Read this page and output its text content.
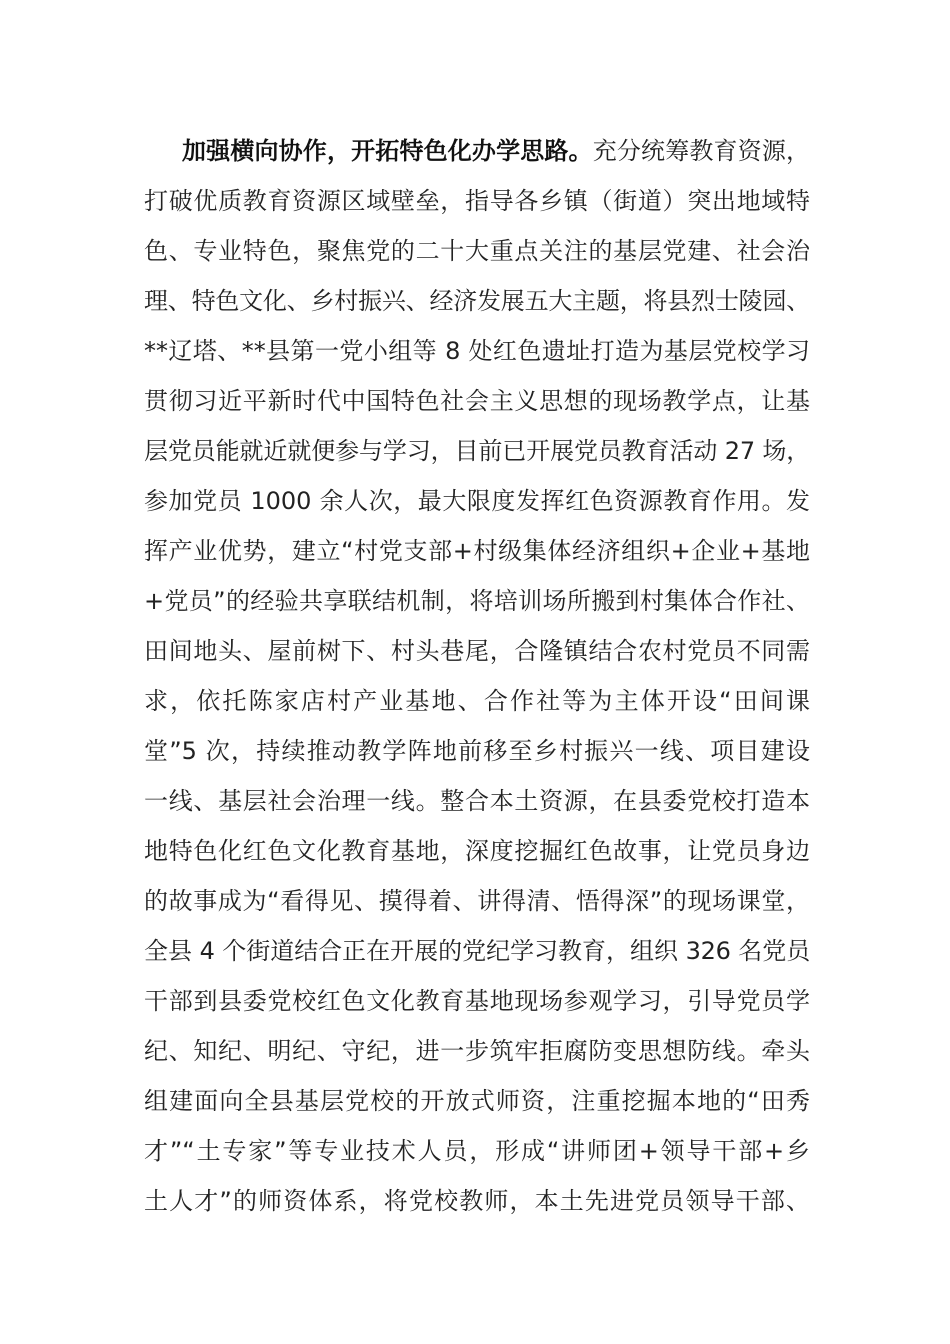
加强横向协作，开拓特色化办学思路。充分统筹教育资源，
打破优质教育资源区域壁垒，指导各乡镇（街道）突出地域特
色、专业特色，聚焦党的二十大重点关注的基层党建、社会治
理、特色文化、乡村振兴、经济发展五大主题，将县烈士陵园、
**辽塔、**县第一党小组等 8 处红色遗址打造为基层党校学习
贯彻习近平新时代中国特色社会主义思想的现场教学点，让基
层党员能就近就便参与学习，目前已开展党员教育活动 27 场，
参加党员 1000 余人次，最大限度发挥红色资源教育作用。发
挥产业优势，建立“村党支部+村级集体经济组织+企业+基地
+党员”的经验共享联结机制，将培训场所搬到村集体合作社、
田间地头、屋前树下、村头巷尾，合隆镇结合农村党员不同需
求，依托陈家店村产业基地、合作社等为主体开设“田间课
堂”5 次，持续推动教学阵地前移至乡村振兴一线、项目建设
一线、基层社会治理一线。整合本土资源，在县委党校打造本
地特色化红色文化教育基地，深度挖掘红色故事，让党员身边
的故事成为“看得见、摸得着、讲得清、悟得深”的现场课堂，
全县 4 个街道结合正在开展的党纪学习教育，组织 326 名党员
干部到县委党校红色文化教育基地现场参观学习，引导党员学
纪、知纪、明纪、守纪，进一步筑牢拒腐防变思想防线。牵头
组建面向全县基层党校的开放式师资，注重挖掘本地的“田秀
才”“土专家”等专业技术人员，形成“讲师团+领导干部+乡
土人才”的师资体系，将党校教师，本土先进党员领导干部、
